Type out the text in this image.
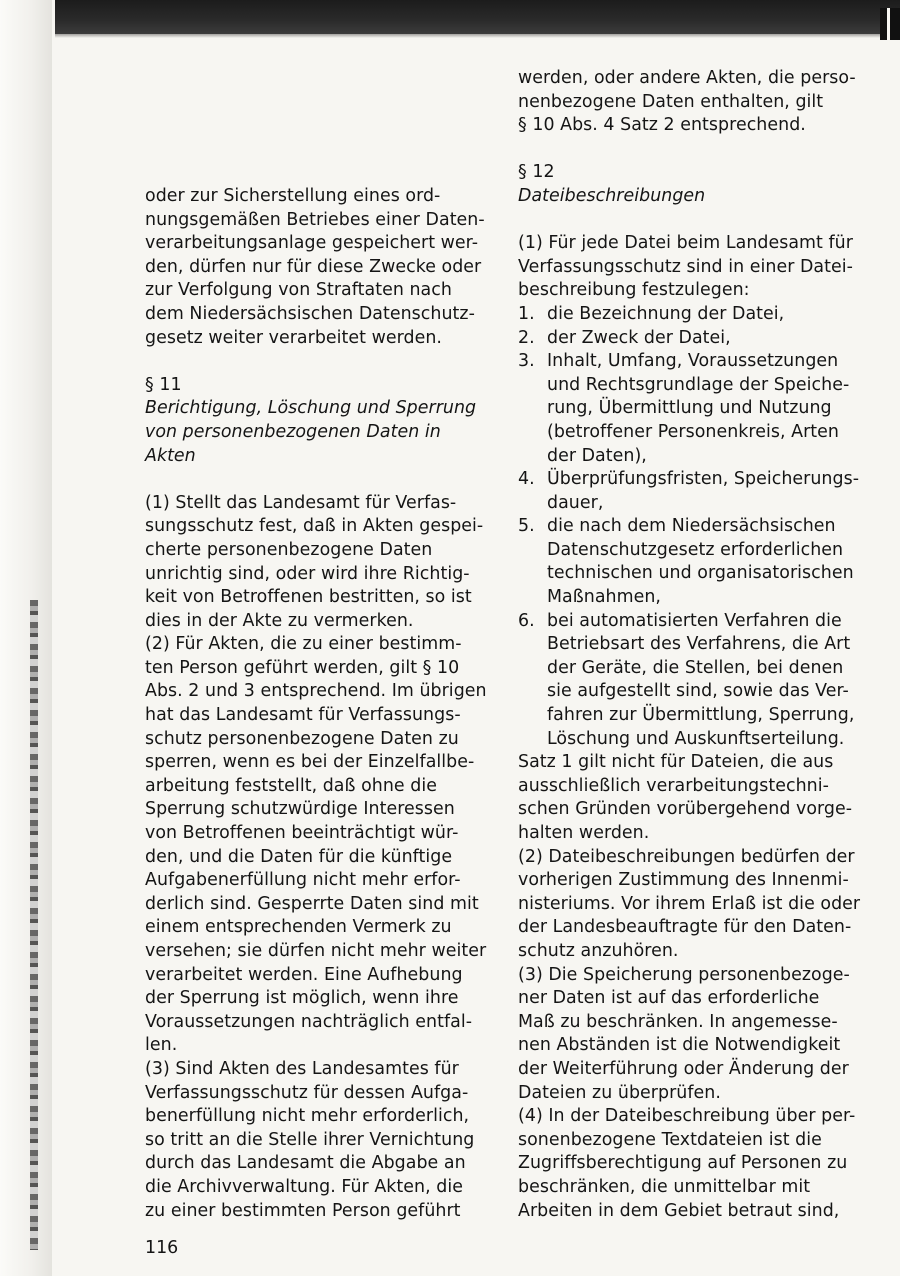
oder zur Sicherstellung eines ord-
nungsgemäßen Betriebes einer Daten-
verarbeitungsanlage gespeichert wer-
den, dürfen nur für diese Zwecke oder
zur Verfolgung von Straftaten nach
dem Niedersächsischen Datenschutz-
gesetz weiter verarbeitet werden.

§ 11

Berichtigung, Löschung und Sperrung
von personenbezogenen Daten in
Akten

(1) Stellt das Landesamt für Verfas-
sungsschutz fest, daß in Akten gespei-
cherte personenbezogene Daten
unrichtig sind, oder wird ihre Richtig-
keit von Betroffenen bestritten, so ist
dies in der Akte zu vermerken.

(2) Für Akten, die zu einer bestimm-
ten Person geführt werden, gilt § 10
Abs. 2 und 3 entsprechend. Im übrigen
hat das Landesamt für Verfassungs-
schutz personenbezogene Daten zu
sperren, wenn es bei der Einzelfallbe-
arbeitung feststellt, daß ohne die
Sperrung schutzwürdige Interessen
von Betroffenen beeinträchtigt wür-
den, und die Daten für die künftige
Aufgabenerfüllung nicht mehr erfor-
derlich sind. Gesperrte Daten sind mit
einem entsprechenden Vermerk zu
versehen; sie dürfen nicht mehr weiter
verarbeitet werden. Eine Aufhebung
der Sperrung ist möglich, wenn ihre
Voraussetzungen nachträglich entfal-
len.

(3) Sind Akten des Landesamtes für
Verfassungsschutz für dessen Aufga-
benerfüllung nicht mehr erforderlich,
so tritt an die Stelle ihrer Vernichtung
durch das Landesamt die Abgabe an
die Archivverwaltung. Für Akten, die
zu einer bestimmten Person geführt

werden, oder andere Akten, die perso-
nenbezogene Daten enthalten, gilt
§ 10 Abs. 4 Satz 2 entsprechend.

§ 12

Dateibeschreibungen

(1) Für jede Datei beim Landesamt für
Verfassungsschutz sind in einer Datei-
beschreibung festzulegen:

1. die Bezeichnung der Datei,
2. der Zweck der Datei,
3. Inhalt, Umfang, Voraussetzungen
und Rechtsgrundlage der Speiche-
rung, Übermittlung und Nutzung
(betroffener Personenkreis, Arten
der Daten),
4. Überprüfungsfristen, Speicherungs-
dauer,
5. die nach dem Niedersächsischen
Datenschutzgesetz erforderlichen
technischen und organisatorischen
Maßnahmen,
6. bei automatisierten Verfahren die
Betriebsart des Verfahrens, die Art
der Geräte, die Stellen, bei denen
sie aufgestellt sind, sowie das Ver-
fahren zur Übermittlung, Sperrung,
Löschung und Auskunftserteilung.

Satz 1 gilt nicht für Dateien, die aus
ausschließlich verarbeitungstechni-
schen Gründen vorübergehend vorge-
halten werden.

(2) Dateibeschreibungen bedürfen der
vorherigen Zustimmung des Innenmi-
nisteriums. Vor ihrem Erlaß ist die oder
der Landesbeauftragte für den Daten-
schutz anzuhören.

(3) Die Speicherung personenbezoge-
ner Daten ist auf das erforderliche
Maß zu beschränken. In angemesse-
nen Abständen ist die Notwendigkeit
der Weiterführung oder Änderung der
Dateien zu überprüfen.

(4) In der Dateibeschreibung über per-
sonenbezogene Textdateien ist die
Zugriffsberechtigung auf Personen zu
beschränken, die unmittelbar mit
Arbeiten in dem Gebiet betraut sind,

116
